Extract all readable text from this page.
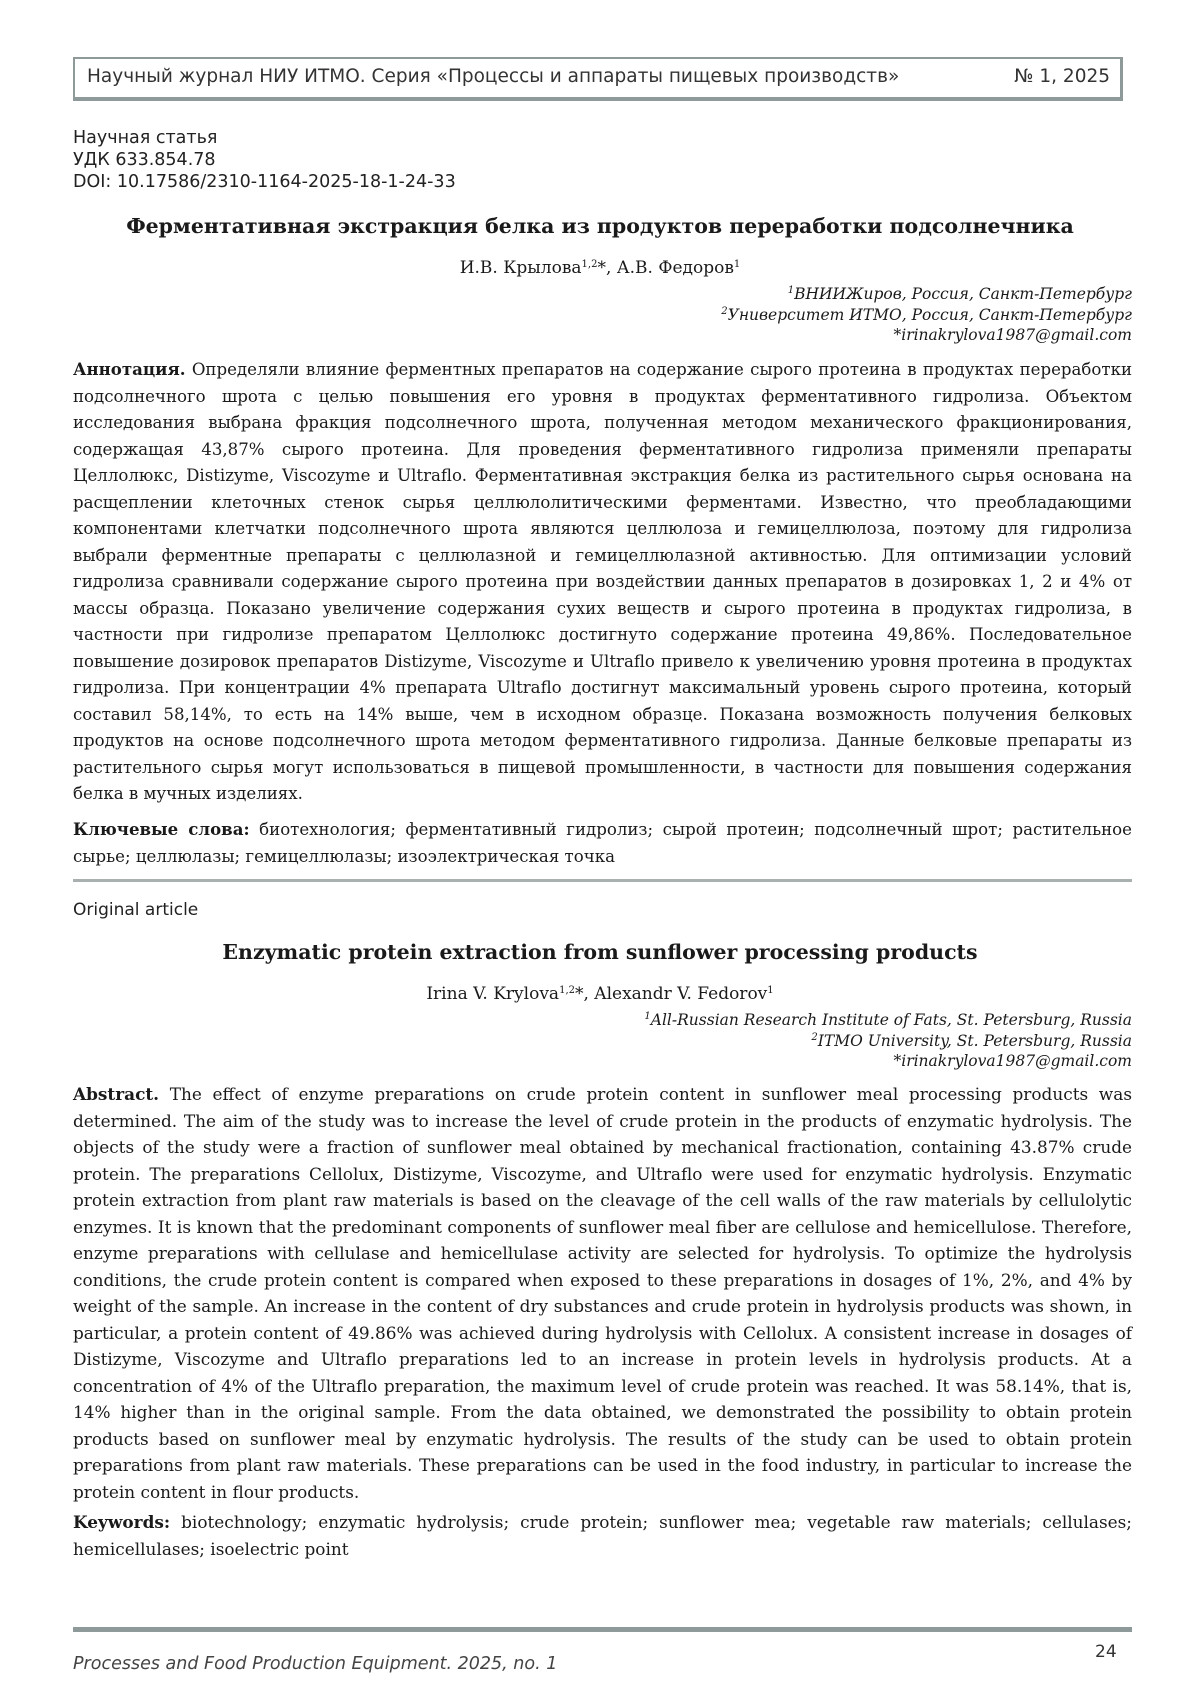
Научный журнал НИУ ИТМО. Серия «Процессы и аппараты пищевых производств»	№ 1, 2025
Научная статья
УДК 633.854.78
DOI: 10.17586/2310-1164-2025-18-1-24-33
Ферментативная экстракция белка из продуктов переработки подсолнечника
И.В. Крылова$^{1,2}$*, А.В. Федоров$^1$
$^1$ВНИИЖиров, Россия, Санкт-Петербург
$^2$Университет ИТМО, Россия, Санкт-Петербург
*irinakrylova1987@gmail.com

Аннотация. Определяли влияние ферментных препаратов на содержание сырого протеина в продуктах переработки подсолнечного шрота с целью повышения его уровня в продуктах ферментативного гидролиза. Объектом исследования выбрана фракция подсолнечного шрота, полученная методом механического фракционирования, содержащая 43,87% сырого протеина. Для проведения ферментативного гидролиза применяли препараты Целлолюкс, Distizyme, Viscozyme и Ultraflo. Ферментативная экстракция белка из растительного сырья основана на расщеплении клеточных стенок сырья целлюлолитическими ферментами. Известно, что преобладающими компонентами клетчатки подсолнечного шрота являются целлюлоза и гемицеллюлоза, поэтому для гидролиза выбрали ферментные препараты с целлюлазной и гемицеллюлазной активностью. Для оптимизации условий гидролиза сравнивали содержание сырого протеина при воздействии данных препаратов в дозировках 1, 2 и 4% от массы образца. Показано увеличение содержания сухих веществ и сырого протеина в продуктах гидролиза, в частности при гидролизе препаратом Целлолюкс достигнуто содержание протеина 49,86%. Последовательное повышение дозировок препаратов Distizyme, Viscozyme и Ultraflo привело к увеличению уровня протеина в продуктах гидролиза. При концентрации 4% препарата Ultraflo достигнут максимальный уровень сырого протеина, который составил 58,14%, то есть на 14% выше, чем в исходном образце. Показана возможность получения белковых продуктов на основе подсолнечного шрота методом ферментативного гидролиза. Данные белковые препараты из растительного сырья могут использоваться в пищевой промышленности, в частности для повышения содержания белка в мучных изделиях.

Ключевые слова: биотехнология; ферментативный гидролиз; сырой протеин; подсолнечный шрот; растительное сырье; целлюлазы; гемицеллюлазы; изоэлектрическая точка

Original article
Enzymatic protein extraction from sunflower processing products
Irina V. Krylova$^{1,2}$*, Alexandr V. Fedorov$^1$
$^1$All-Russian Research Institute of Fats, St. Petersburg, Russia
$^2$ITMO University, St. Petersburg, Russia
*irinakrylova1987@gmail.com

Abstract. The effect of enzyme preparations on crude protein content in sunflower meal processing products was determined. The aim of the study was to increase the level of crude protein in the products of enzymatic hydrolysis. The objects of the study were a fraction of sunflower meal obtained by mechanical fractionation, containing 43.87% crude protein. The preparations Cellolux, Distizyme, Viscozyme, and Ultraflo were used for enzymatic hydrolysis. Enzymatic protein extraction from plant raw materials is based on the cleavage of the cell walls of the raw materials by cellulolytic enzymes. It is known that the predominant components of sunflower meal fiber are cellulose and hemicellulose. Therefore, enzyme preparations with cellulase and hemicellulase activity are selected for hydrolysis. To optimize the hydrolysis conditions, the crude protein content is compared when exposed to these preparations in dosages of 1%, 2%, and 4% by weight of the sample. An increase in the content of dry substances and crude protein in hydrolysis products was shown, in particular, a protein content of 49.86% was achieved during hydrolysis with Cellolux. A consistent increase in dosages of Distizyme, Viscozyme and Ultraflo preparations led to an increase in protein levels in hydrolysis products. At a concentration of 4% of the Ultraflo preparation, the maximum level of crude protein was reached. It was 58.14%, that is, 14% higher than in the original sample. From the data obtained, we demonstrated the possibility to obtain protein products based on sunflower meal by enzymatic hydrolysis. The results of the study can be used to obtain protein preparations from plant raw materials. These preparations can be used in the food industry, in particular to increase the protein content in flour products.

Keywords: biotechnology; enzymatic hydrolysis; crude protein; sunflower mea; vegetable raw materials; cellulases; hemicellulases; isoelectric point

Processes and Food Production Equipment. 2025, no. 1
24
